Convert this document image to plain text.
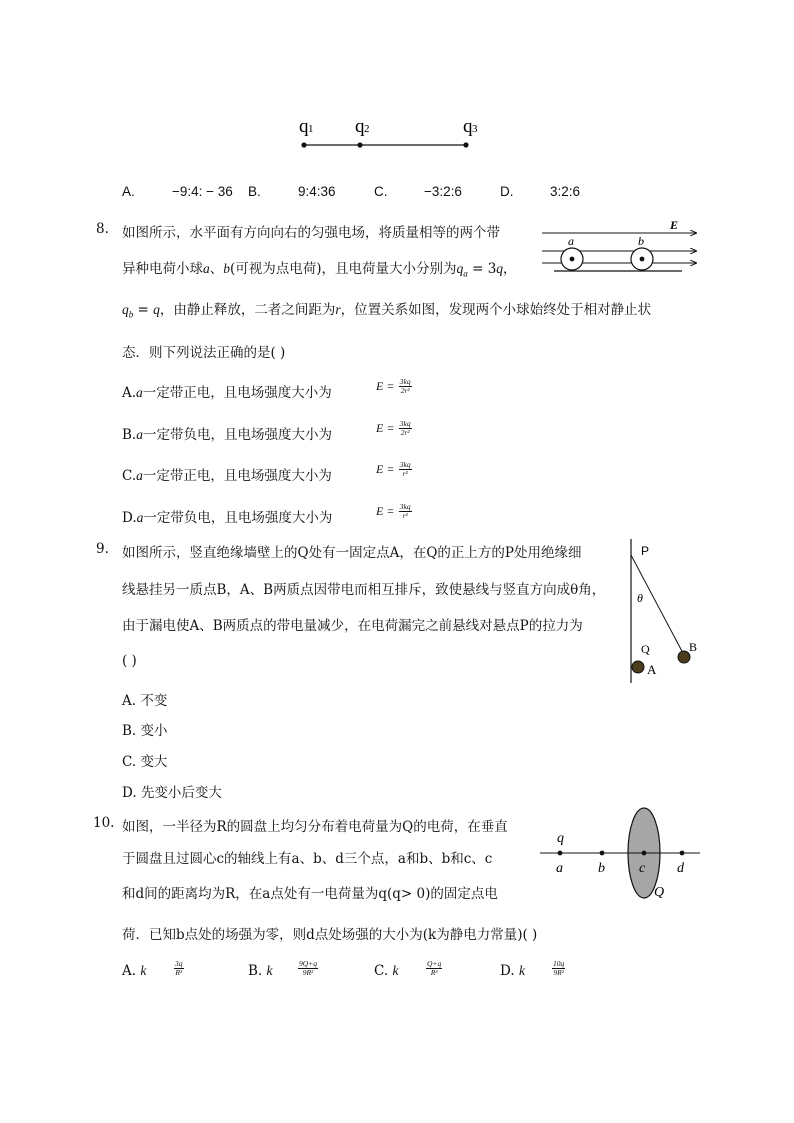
q 1 q 2	q 3
A.	−9:4: − 36 B.	9:4:36	C.	−3:2:6	D.	3:2:6
8. 如图所示，水平面有方向向右的匀强电场，将质量相等的两个带
异种电荷小球a、b(可视为点电荷)，且电荷量大小分别为$q_a = 3q$，
$q_b = q$，由静止释放，二者之间距为r，位置关系如图，发现两个小球始终处于相对静止状
态．则下列说法正确的是( )
E
a	b
A.a一定带正电，且电场强度大小为	$E = \frac{3kq}{\text{2r²}}$
B.a一定带负电，且电场强度大小为	$E = \frac{3kq}{\text{2r²}}$
C.a一定带正电，且电场强度大小为	$E = \frac{3kq}{\text{r²}}$
D.a一定带负电，且电场强度大小为	$E = \frac{3kq}{\text{r²}}$
9. 如图所示，竖直绝缘墙壁上的Q处有一固定点A，在Q的正上方的P处用绝缘细
线悬挂另一质点B，A、B两质点因带电而相互排斥，致使悬线与竖直方向成θ角，
由于漏电使A、B两质点的带电量减少，在电荷漏完之前悬线对悬点P的拉力为
( )
P
θ
Q
A
B
A. 不变
B. 变小
C. 变大
D. 先变小后变大
10. 如图，一半径为R的圆盘上均匀分布着电荷量为Q的电荷，在垂直
于圆盘且过圆心c的轴线上有a、b、d三个点，a和b、b和c、c
和d间的距离均为R，在a点处有一电荷量为q(q> 0)的固定点电
荷．已知b点处的场强为零，则d点处场强的大小为(k为静电力常量)( )
q
a	b c d
Q
A. k	$\frac{3q}{\text{R²}}$	B. k	$\frac{9Q+q}{\text{9R²}}$	C. k	$\frac{Q+q}{\text{R²}}$	D. k	$\frac{10q}{\text{9R²}}$
